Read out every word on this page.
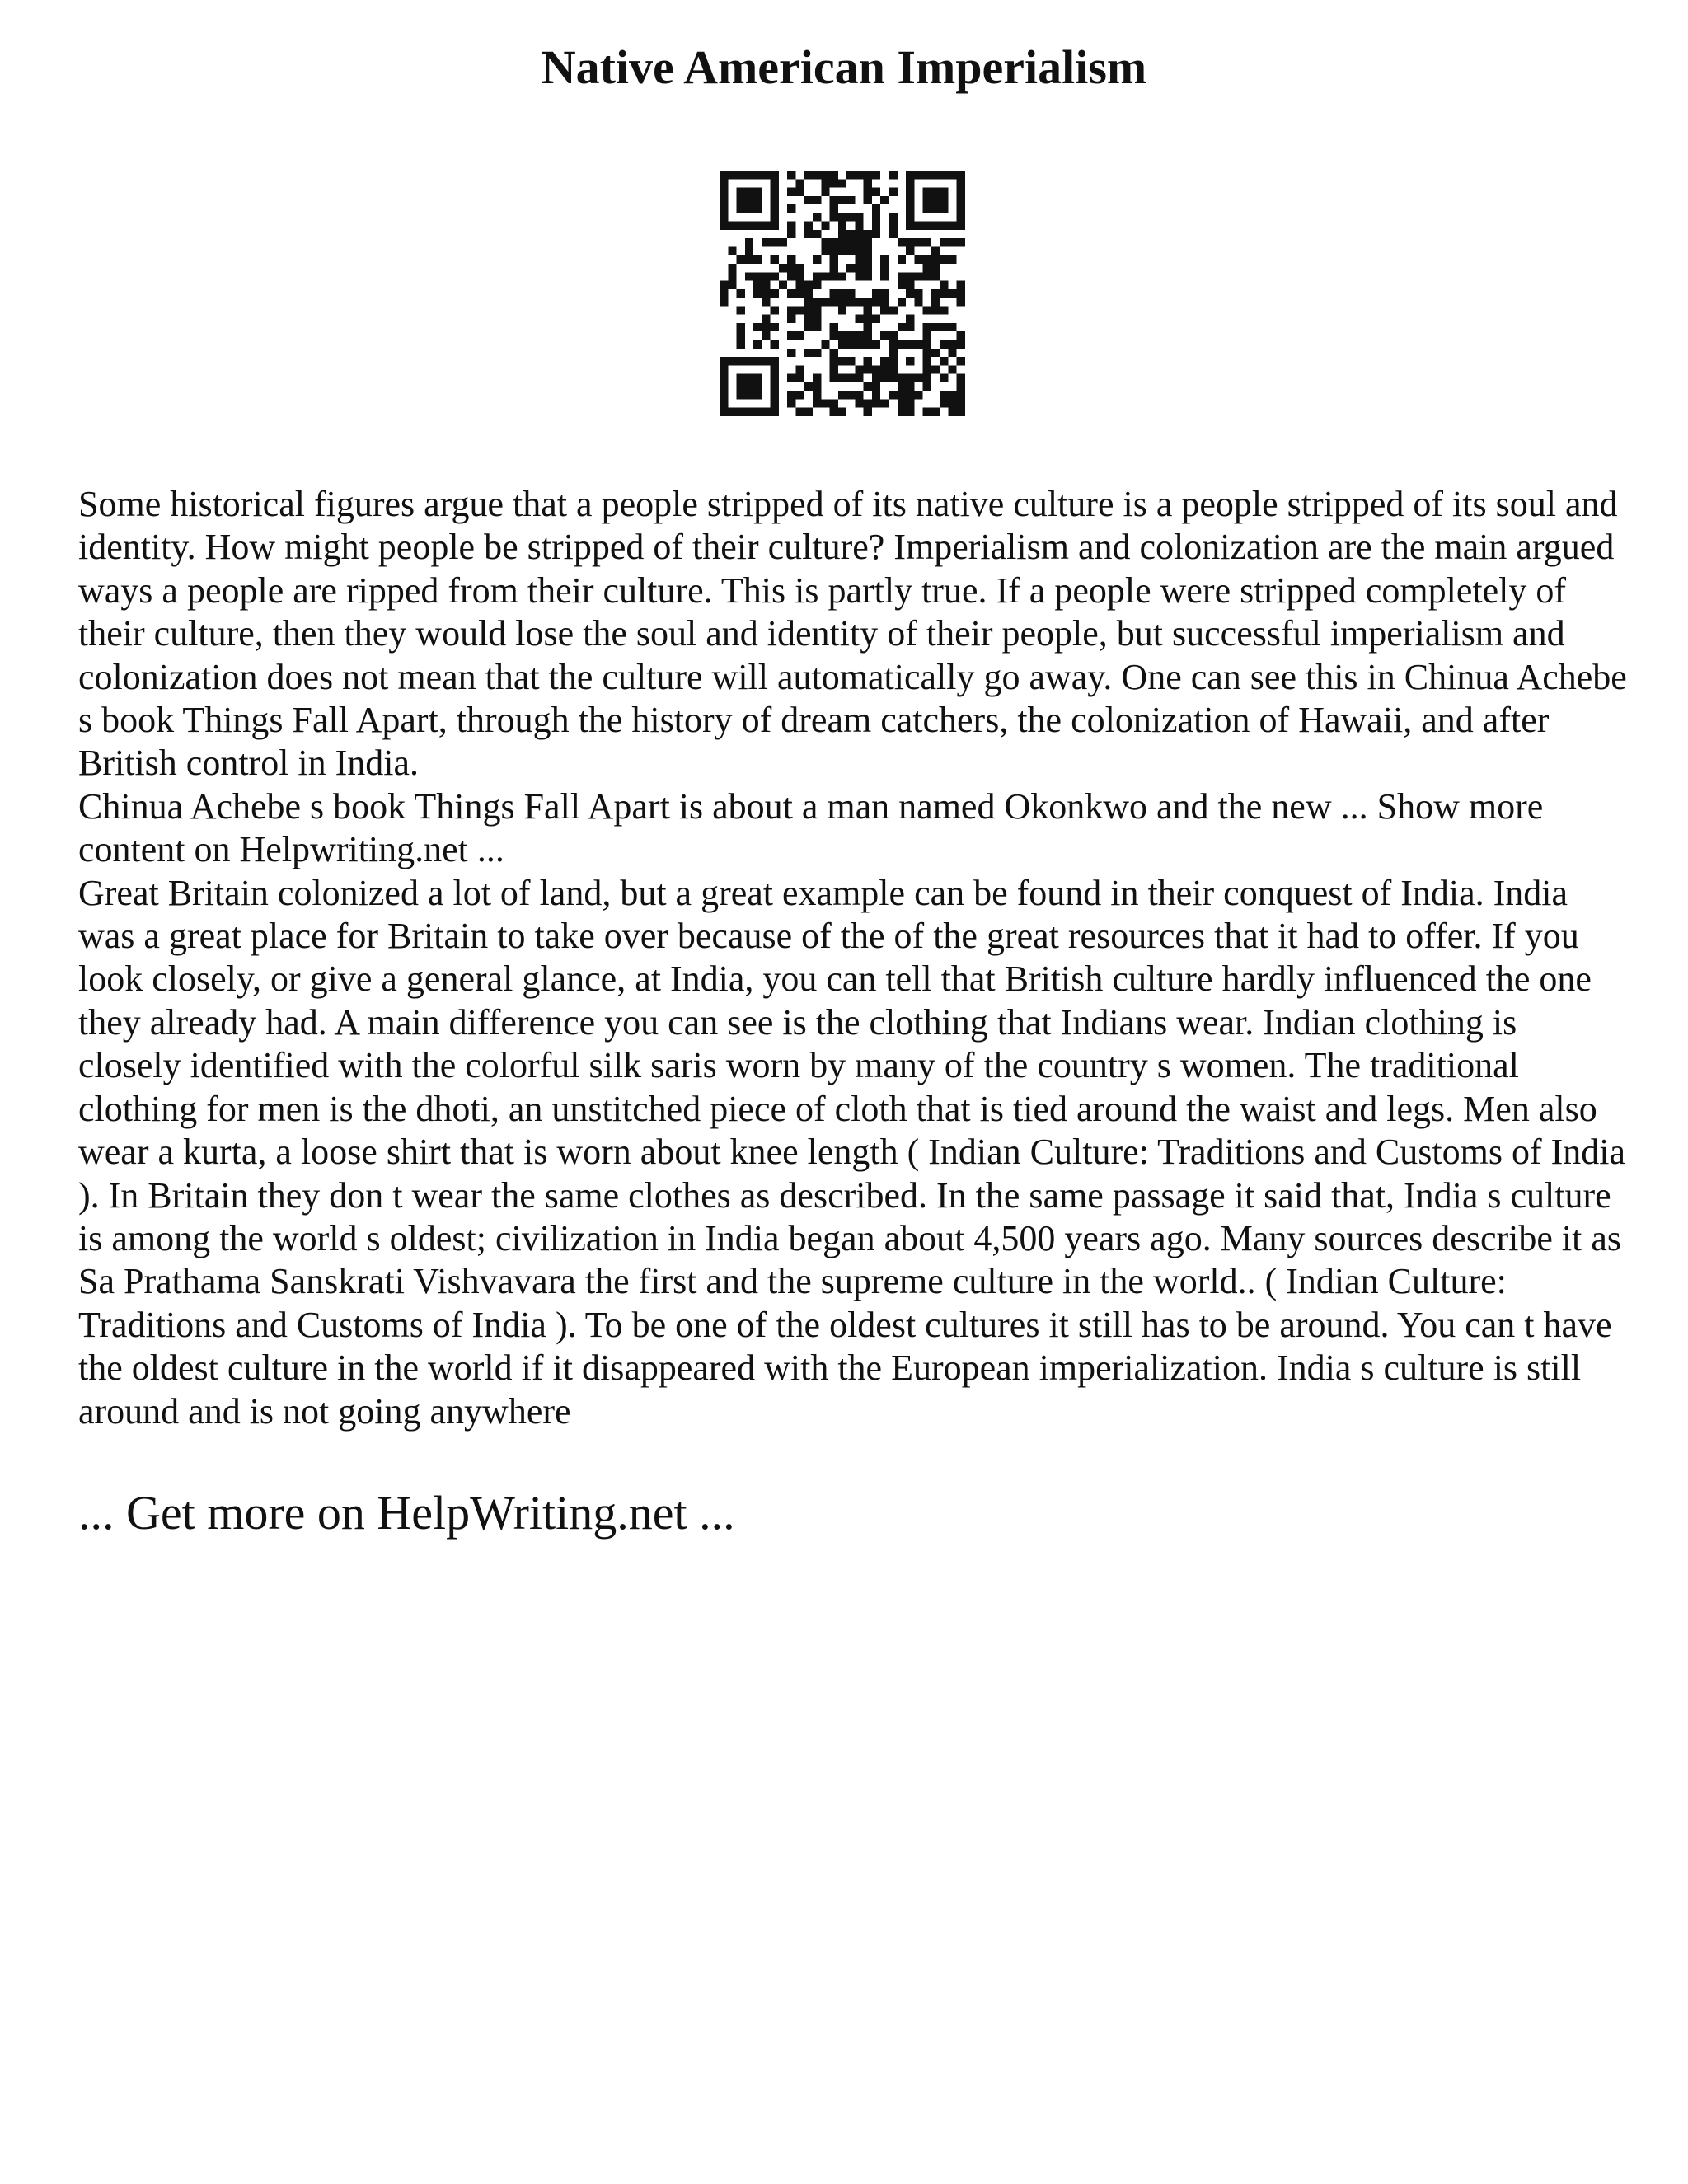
Native American Imperialism

Some historical figures argue that a people stripped of its native culture is a people stripped of its soul and identity. How might people be stripped of their culture? Imperialism and colonization are the main argued ways a people are ripped from their culture. This is partly true. If a people were stripped completely of their culture, then they would lose the soul and identity of their people, but successful imperialism and colonization does not mean that the culture will automatically go away. One can see this in Chinua Achebe s book Things Fall Apart, through the history of dream catchers, the colonization of Hawaii, and after British control in India.

Chinua Achebe s book Things Fall Apart is about a man named Okonkwo and the new ... Show more content on Helpwriting.net ...

Great Britain colonized a lot of land, but a great example can be found in their conquest of India. India was a great place for Britain to take over because of the of the great resources that it had to offer. If you look closely, or give a general glance, at India, you can tell that British culture hardly influenced the one they already had. A main difference you can see is the clothing that Indians wear. Indian clothing is closely identified with the colorful silk saris worn by many of the country s women. The traditional clothing for men is the dhoti, an unstitched piece of cloth that is tied around the waist and legs. Men also wear a kurta, a loose shirt that is worn about knee length ( Indian Culture: Traditions and Customs of India ). In Britain they don t wear the same clothes as described. In the same passage it said that, India s culture is among the world s oldest; civilization in India began about 4,500 years ago. Many sources describe it as Sa Prathama Sanskrati Vishvavara the first and the supreme culture in the world.. ( Indian Culture: Traditions and Customs of India ). To be one of the oldest cultures it still has to be around. You can t have the oldest culture in the world if it disappeared with the European imperialization. India s culture is still around and is not going anywhere

... Get more on HelpWriting.net ...
